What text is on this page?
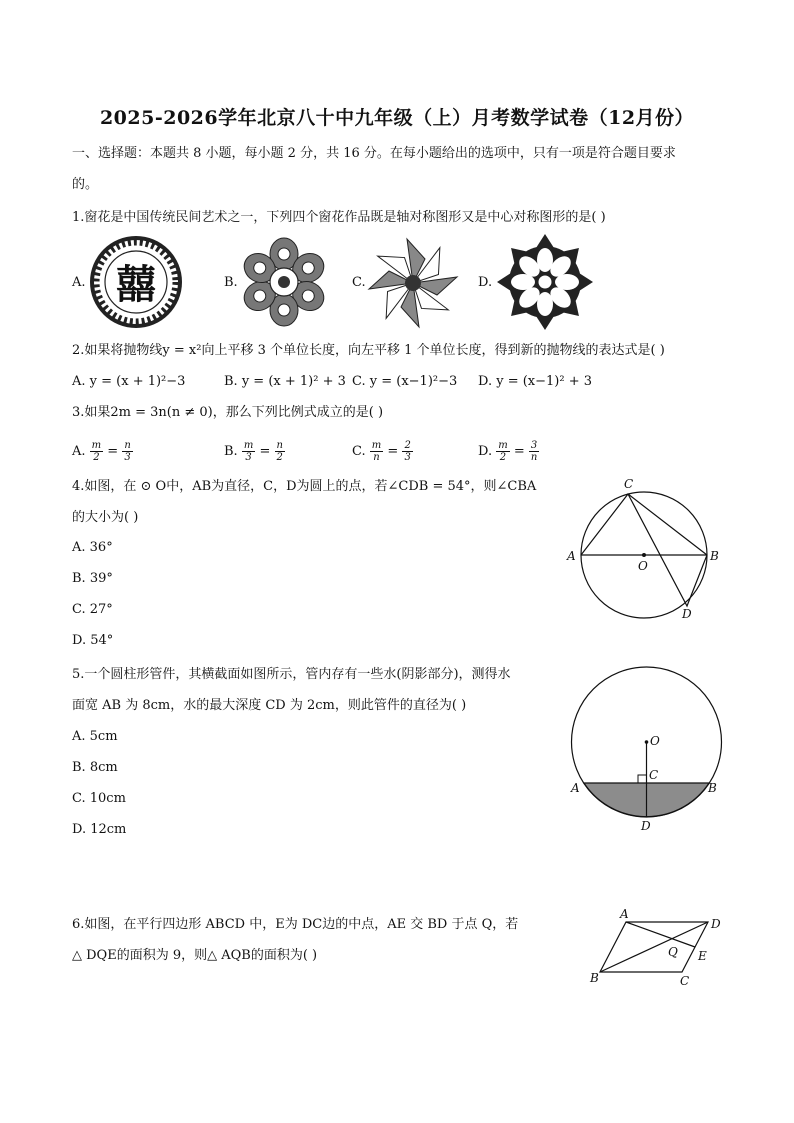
2025-2026学年北京八十中九年级（上）月考数学试卷（12月份）
一、选择题：本题共 8 小题，每小题 2 分，共 16 分。在每小题给出的选项中，只有一项是符合题目要求
的。
1.窗花是中国传统民间艺术之一，下列四个窗花作品既是轴对称图形又是中心对称图形的是( )
A.	B.	C.	D.
囍
2.如果将抛物线y = x²向上平移 3 个单位长度，向左平移 1 个单位长度，得到新的抛物线的表达式是( )
A. y = (x + 1)²−3	B. y = (x + 1)² + 3 C. y = (x−1)²−3 D. y = (x−1)² + 3
3.如果2m = 3n(n ≠ 0)，那么下列比例式成立的是( )
A. $\frac{m}{2} = \frac{n}{3}$	B. $\frac{m}{3} = \frac{n}{2}$	C. $\frac{m}{n} = \frac{2}{3}$	D. $\frac{m}{2} = \frac{3}{n}$
4.如图，在 ⊙ O中，AB为直径，C，D为圆上的点，若∠CDB = 54°，则∠CBA
的大小为( )
A. 36°
B. 39°
C. 27°
D. 54°
C
A	B
O
D
5.一个圆柱形管件，其横截面如图所示，管内存有一些水(阴影部分)，测得水
面宽 AB 为 8cm，水的最大深度 CD 为 2cm，则此管件的直径为( )
A. 5cm
B. 8cm
C. 10cm
D. 12cm
O
C
A	B
D
6.如图，在平行四边形 ABCD 中，E为 DC边的中点，AE 交 BD 于点 Q，若
△ DQE的面积为 9，则△ AQB的面积为( )
A
D
Q E
B	C
